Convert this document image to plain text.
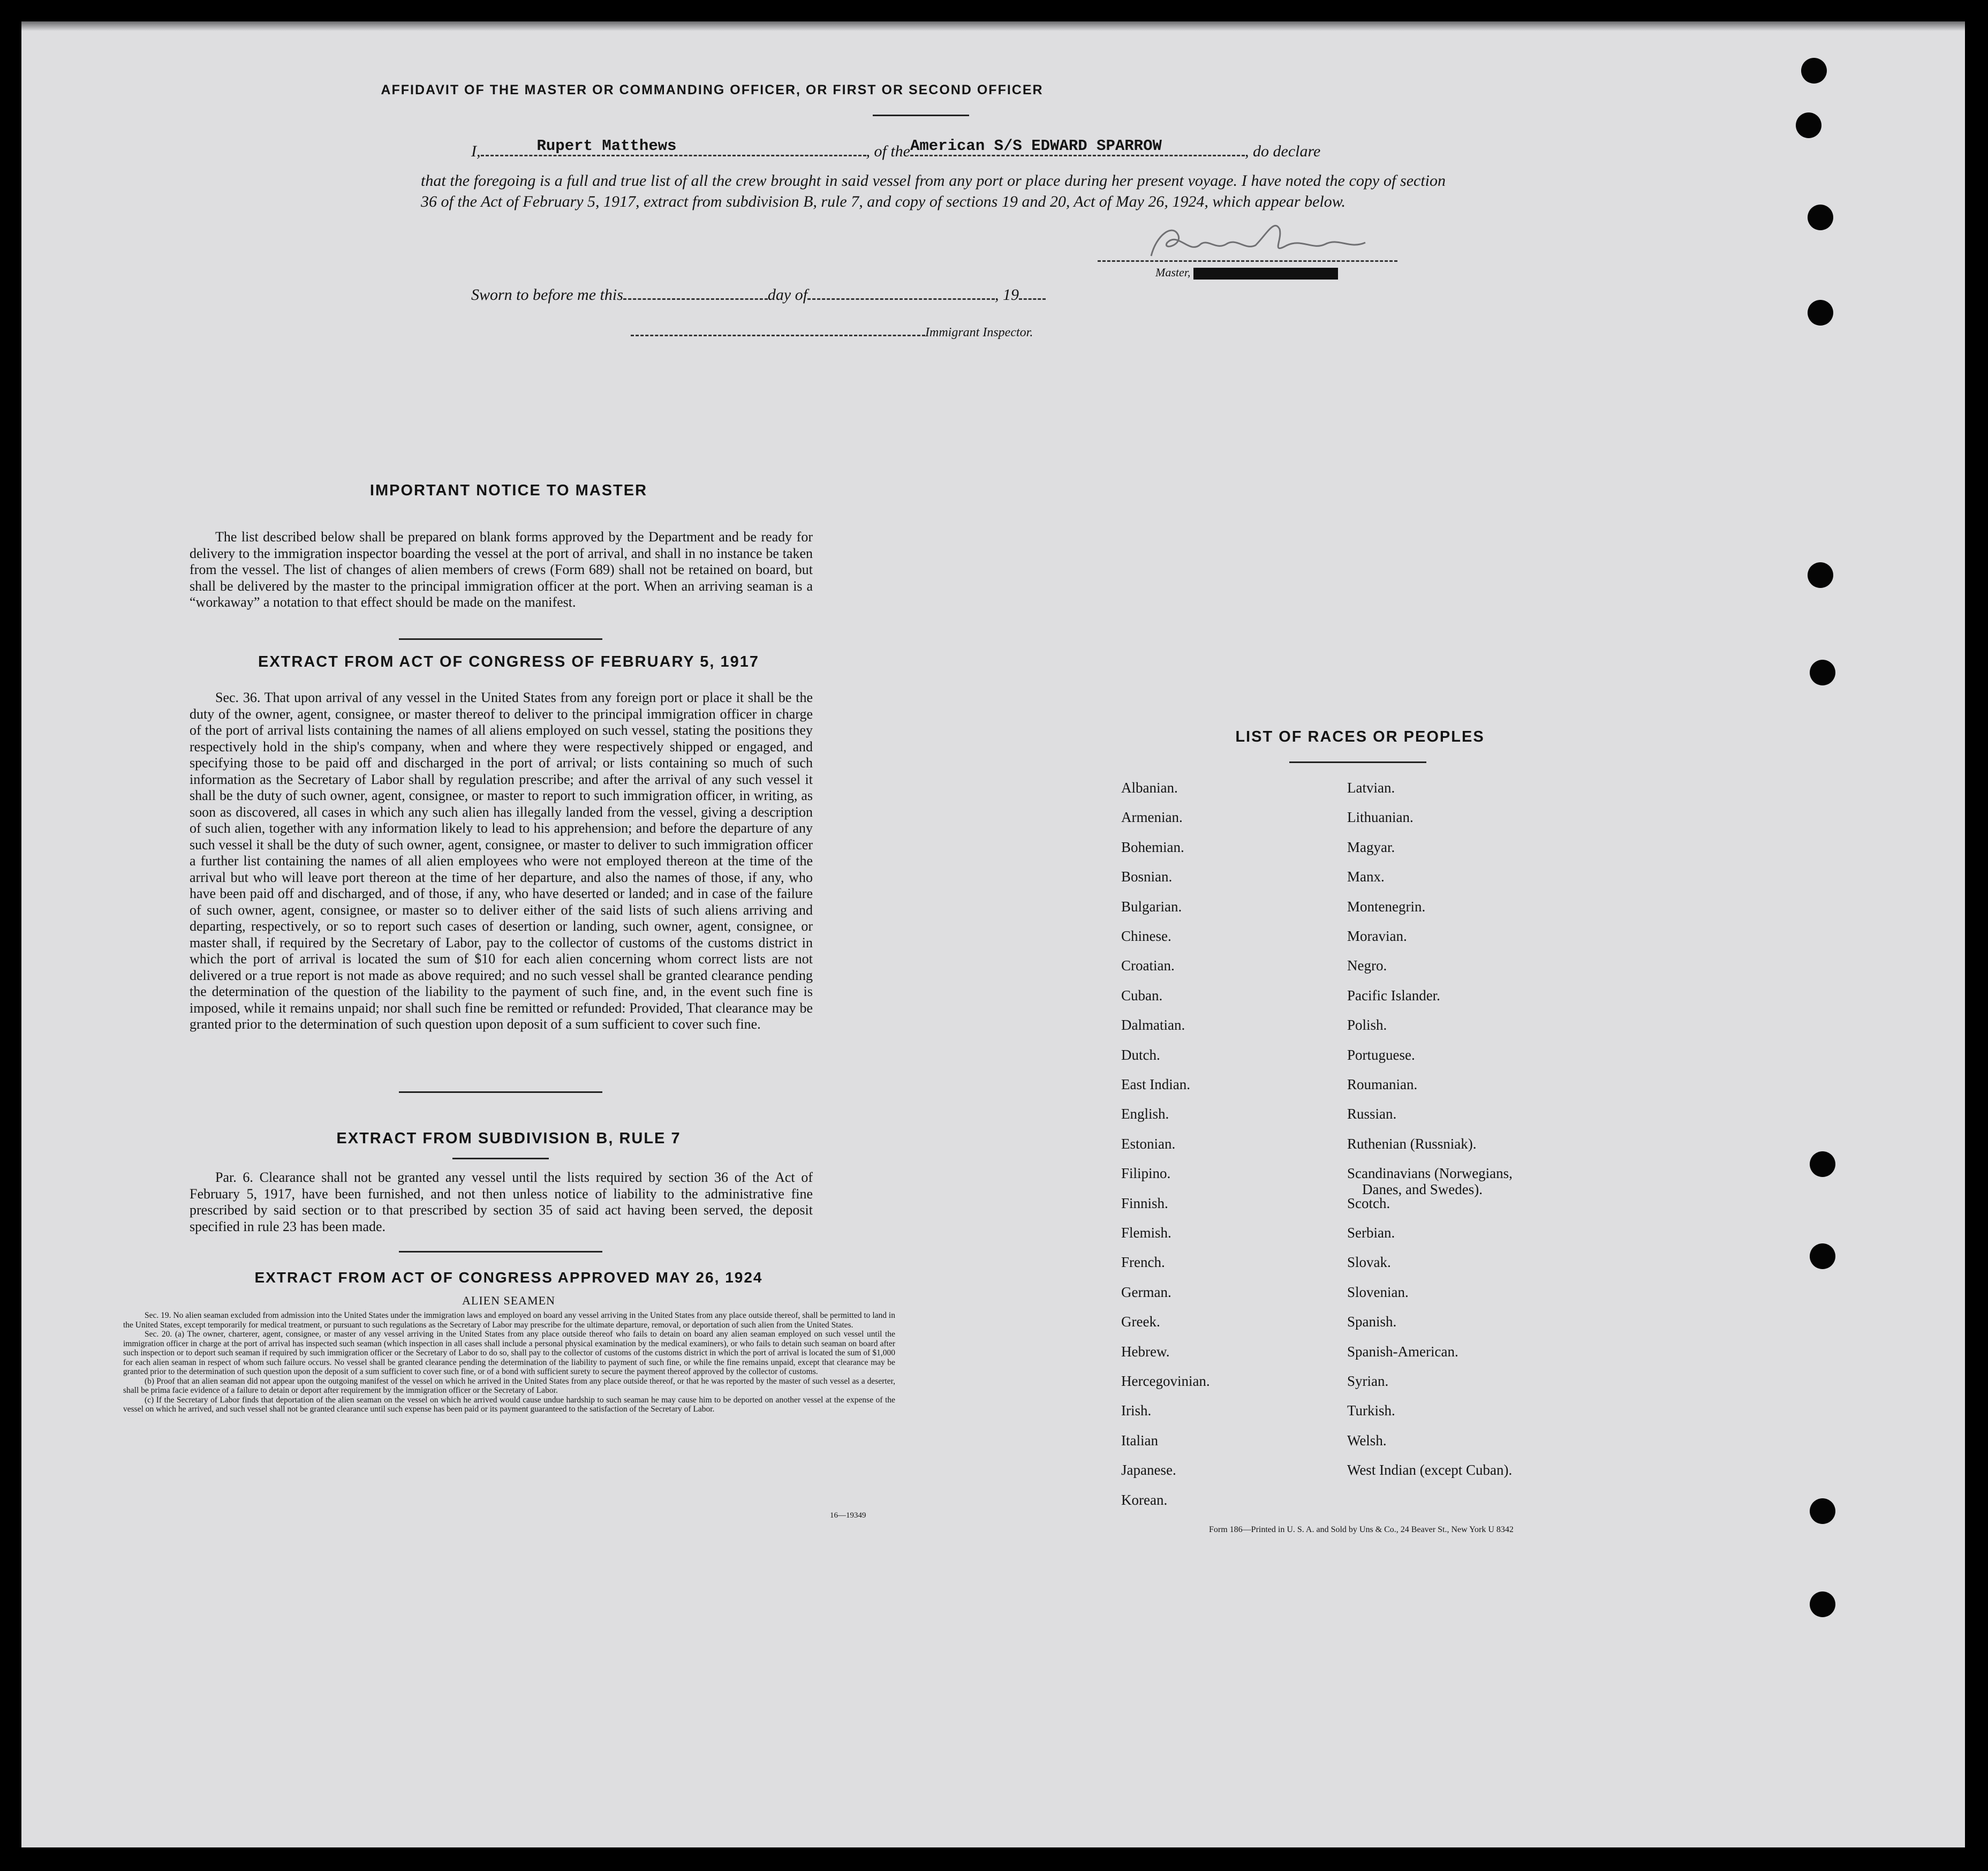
AFFIDAVIT OF THE MASTER OR COMMANDING OFFICER, OR FIRST OR SECOND OFFICER
I,	Rupert Matthews	, of the American S/S EDWARD SPARROW	, do declare
that the foregoing is a full and true list of all the crew brought in said vessel from any port or place during her present voyage. I have noted the copy of section 36 of the Act of February 5, 1917, extract from subdivision B, rule 7, and copy of sections 19 and 20, Act of May 26, 1924, which appear below.
Master,
Sworn to before me this	day of	, 19
Immigrant Inspector.
IMPORTANT NOTICE TO MASTER
The list described below shall be prepared on blank forms approved by the Department and be ready for delivery to the immigration inspector boarding the vessel at the port of arrival, and shall in no instance be taken from the vessel. The list of changes of alien members of crews (Form 689) shall not be retained on board, but shall be delivered by the master to the principal immigration officer at the port. When an arriving seaman is a “workaway” a notation to that effect should be made on the manifest.
EXTRACT FROM ACT OF CONGRESS OF FEBRUARY 5, 1917
Sec. 36. That upon arrival of any vessel in the United States from any foreign port or place it shall be the duty of the owner, agent, consignee, or master thereof to deliver to the principal immigration officer in charge of the port of arrival lists containing the names of all aliens employed on such vessel, stating the positions they respectively hold in the ship's company, when and where they were respectively shipped or engaged, and specifying those to be paid off and discharged in the port of arrival; or lists containing so much of such information as the Secretary of Labor shall by regulation prescribe; and after the arrival of any such vessel it shall be the duty of such owner, agent, consignee, or master to report to such immigration officer, in writing, as soon as discovered, all cases in which any such alien has illegally landed from the vessel, giving a description of such alien, together with any information likely to lead to his apprehension; and before the departure of any such vessel it shall be the duty of such owner, agent, consignee, or master to deliver to such immigration officer a further list containing the names of all alien employees who were not employed thereon at the time of the arrival but who will leave port thereon at the time of her departure, and also the names of those, if any, who have been paid off and discharged, and of those, if any, who have deserted or landed; and in case of the failure of such owner, agent, consignee, or master so to deliver either of the said lists of such aliens arriving and departing, respectively, or so to report such cases of desertion or landing, such owner, agent, consignee, or master shall, if required by the Secretary of Labor, pay to the collector of customs of the customs district in which the port of arrival is located the sum of $10 for each alien concerning whom correct lists are not delivered or a true report is not made as above required; and no such vessel shall be granted clearance pending the determination of the question of the liability to the payment of such fine, and, in the event such fine is imposed, while it remains unpaid; nor shall such fine be remitted or refunded: Provided, That clearance may be granted prior to the determination of such question upon deposit of a sum sufficient to cover such fine.
EXTRACT FROM SUBDIVISION B, RULE 7
Par. 6. Clearance shall not be granted any vessel until the lists required by section 36 of the Act of February 5, 1917, have been furnished, and not then unless notice of liability to the administrative fine prescribed by said section or to that prescribed by section 35 of said act having been served, the deposit specified in rule 23 has been made.
EXTRACT FROM ACT OF CONGRESS APPROVED MAY 26, 1924
ALIEN SEAMEN
Sec. 19. No alien seaman excluded from admission into the United States under the immigration laws and employed on board any vessel arriving in the United States from any place outside thereof, shall be permitted to land in the United States, except temporarily for medical treatment, or pursuant to such regulations as the Secretary of Labor may prescribe for the ultimate departure, removal, or deportation of such alien from the United States.
Sec. 20. (a) The owner, charterer, agent, consignee, or master of any vessel arriving in the United States from any place outside thereof who fails to detain on board any alien seaman employed on such vessel until the immigration officer in charge at the port of arrival has inspected such seaman (which inspection in all cases shall include a personal physical examination by the medical examiners), or who fails to detain such seaman on board after such inspection or to deport such seaman if required by such immigration officer or the Secretary of Labor to do so, shall pay to the collector of customs of the customs district in which the port of arrival is located the sum of $1,000 for each alien seaman in respect of whom such failure occurs. No vessel shall be granted clearance pending the determination of the liability to payment of such fine, or while the fine remains unpaid, except that clearance may be granted prior to the determination of such question upon the deposit of a sum sufficient to cover such fine, or of a bond with sufficient surety to secure the payment thereof approved by the collector of customs.
(b) Proof that an alien seaman did not appear upon the outgoing manifest of the vessel on which he arrived in the United States from any place outside thereof, or that he was reported by the master of such vessel as a deserter, shall be prima facie evidence of a failure to detain or deport after requirement by the immigration officer or the Secretary of Labor.
(c) If the Secretary of Labor finds that deportation of the alien seaman on the vessel on which he arrived would cause undue hardship to such seaman he may cause him to be deported on another vessel at the expense of the vessel on which he arrived, and such vessel shall not be granted clearance until such expense has been paid or its payment guaranteed to the satisfaction of the Secretary of Labor.
16—19349
LIST OF RACES OR PEOPLES
Albanian.
Armenian.
Bohemian.
Bosnian.
Bulgarian.
Chinese.
Croatian.
Cuban.
Dalmatian.
Dutch.
East Indian.
English.
Estonian.
Filipino.
Finnish.
Flemish.
French.
German.
Greek.
Hebrew.
Hercegovinian.
Irish.
Italian
Japanese.
Korean.
Latvian.
Lithuanian.
Magyar.
Manx.
Montenegrin.
Moravian.
Negro.
Pacific Islander.
Polish.
Portuguese.
Roumanian.
Russian.
Ruthenian (Russniak).
Scandinavians (Norwegians,
Danes, and Swedes).
Scotch.
Serbian.
Slovak.
Slovenian.
Spanish.
Spanish-American.
Syrian.
Turkish.
Welsh.
West Indian (except Cuban).
Form 186—Printed in U. S. A. and Sold by Uns & Co., 24 Beaver St., New York U 8342
